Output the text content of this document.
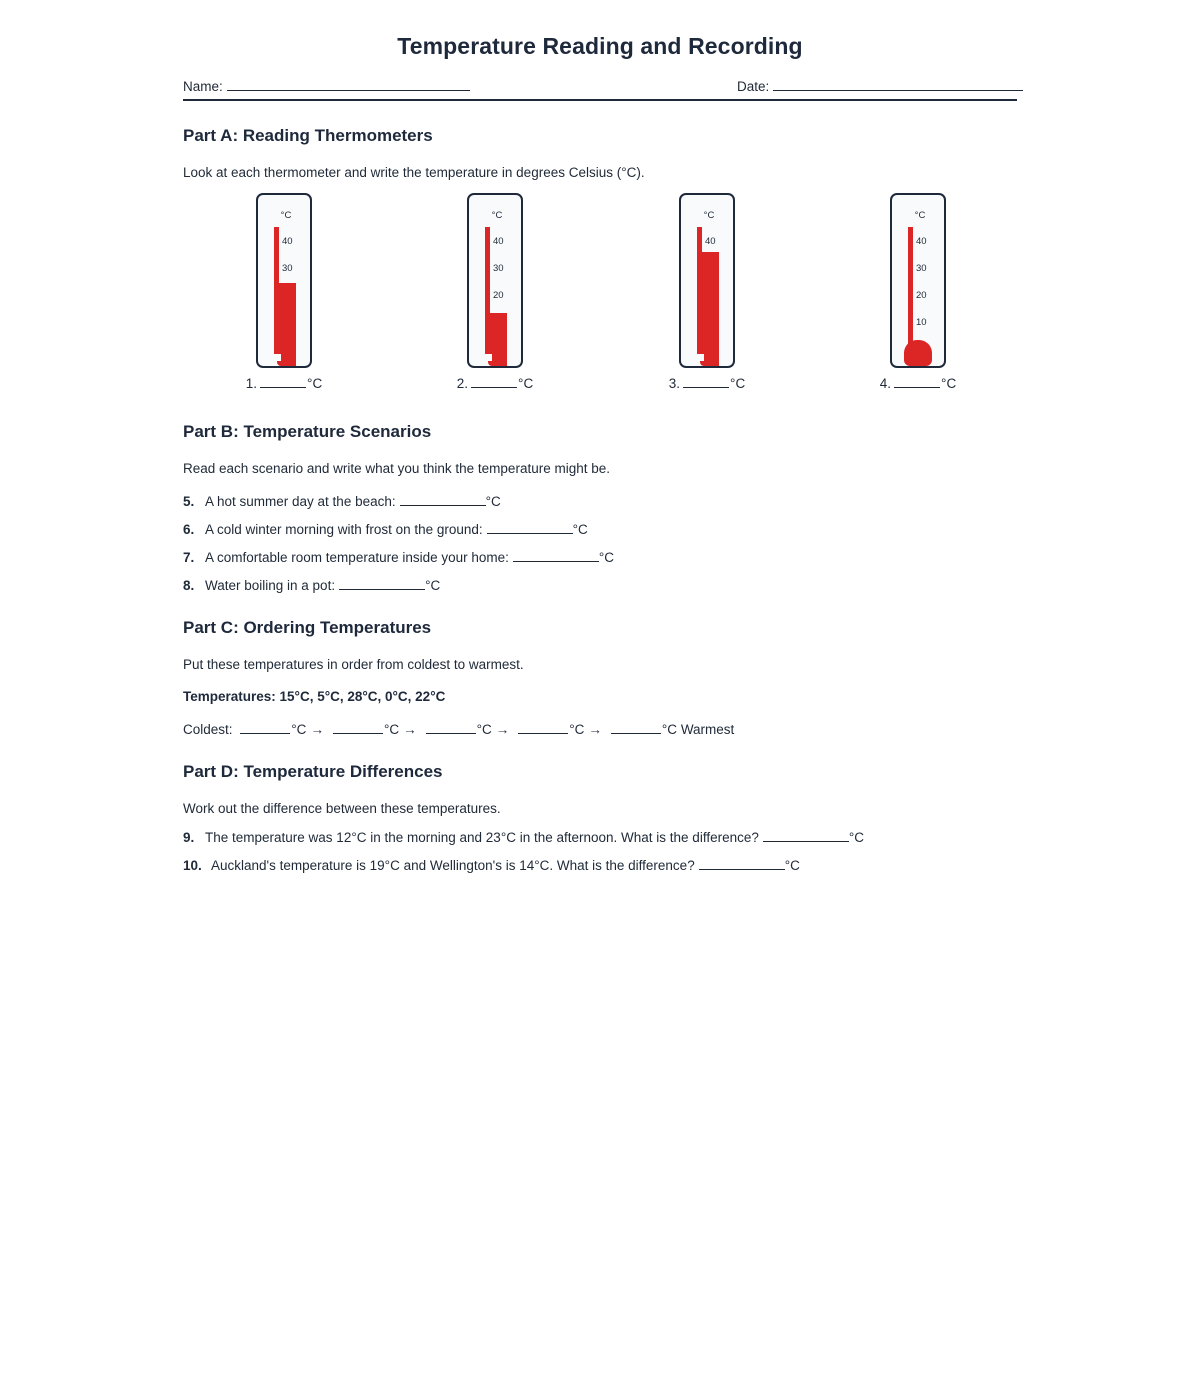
Temperature Reading and Recording
Name:	Date:
Part A: Reading Thermometers
Look at each thermometer and write the temperature in degrees Celsius (°C).
°C
40
30
1.	°C
°C
40
30
20
2.	°C
°C
40
3.	°C
°C
40
30
20
10
4.	°C
Part B: Temperature Scenarios
Read each scenario and write what you think the temperature might be.
5. A hot summer day at the beach:	°C
6. A cold winter morning with frost on the ground:	°C
7. A comfortable room temperature inside your home:	°C
8. Water boiling in a pot:	°C
Part C: Ordering Temperatures
Put these temperatures in order from coldest to warmest.
Temperatures: 15°C, 5°C, 28°C, 0°C, 22°C
Coldest:	°C →	°C →	°C →	°C →	°C Warmest
Part D: Temperature Differences
Work out the difference between these temperatures.
9. The temperature was 12°C in the morning and 23°C in the afternoon. What is the difference?	°C
10. Auckland's temperature is 19°C and Wellington's is 14°C. What is the difference?	°C
